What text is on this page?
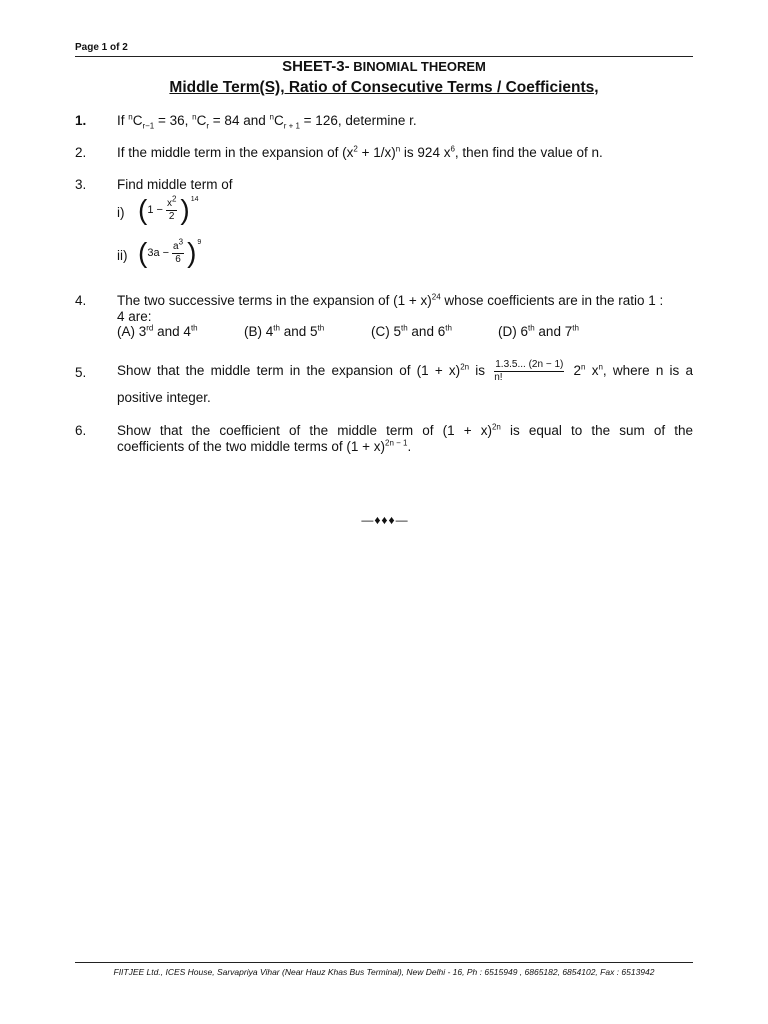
Page 1 of 2
SHEET-3- BINOMIAL THEOREM
Middle Term(S), Ratio of Consecutive Terms / Coefficients,
1. If $^nC_{r-1} = 36$, $^nC_r = 84$ and $^nC_{r + 1} = 126$, determine r.
2. If the middle term in the expansion of $(x^2 + 1/x)^n$ is 924 $x^6$, then find the value of n.
3. Find middle term of
i) ( $1 - \frac{x^2}{2}$ ) 14
ii) ( $3a - \frac{a^3}{6}$ ) 9
4. The two successive terms in the expansion of $(1 + x)^{24}$ whose coefficients are in the ratio 1 :
4 are:
(A) 3rd and 4th	(B) 4th and 5th	(C) 5th and 6th	(D) 6th and 7th
5. Show that the middle term in the expansion of $(1 + x)^{2n}$ is $\frac{1.3.5... (2n - 1)}{n!} 2^n$ $x^n$, where n is a
positive integer.
6. Show that the coefficient of the middle term of $(1 + x)^{2n}$ is equal to the sum of the
coefficients of the two middle terms of $(1 + x)^{2n - 1}$.
—♦♦♦—
FIITJEE Ltd., ICES House, Sarvapriya Vihar (Near Hauz Khas Bus Terminal), New Delhi - 16, Ph : 6515949 , 6865182, 6854102, Fax : 6513942
